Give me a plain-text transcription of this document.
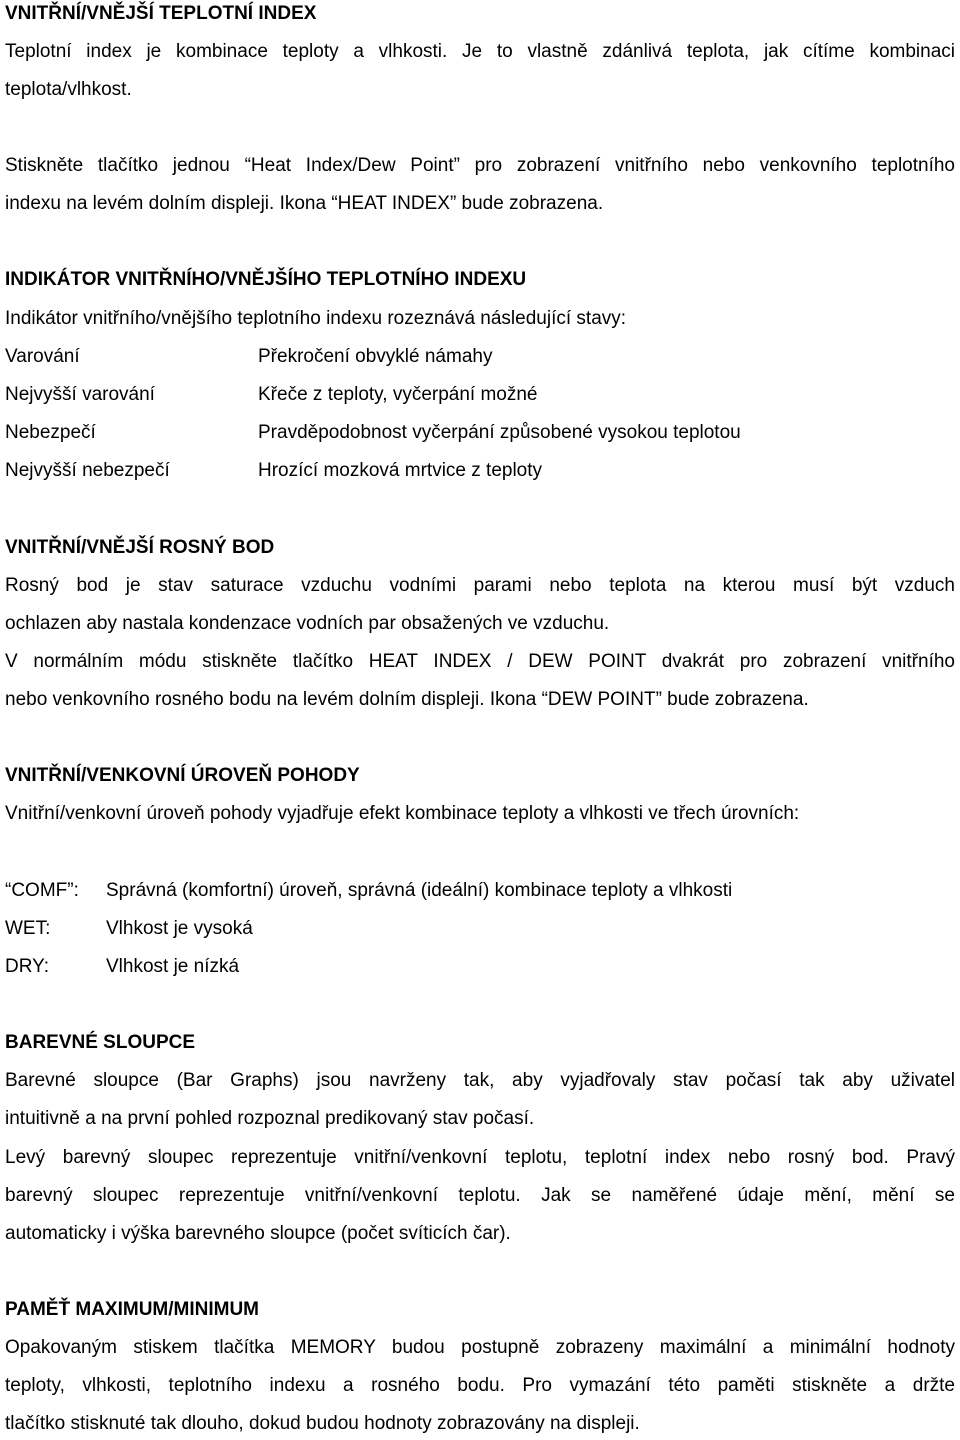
VNITŘNÍ/VNĚJŠÍ TEPLOTNÍ INDEX
Teplotní index je kombinace teploty a vlhkosti. Je to vlastně zdánlivá teplota, jak cítíme kombinaci
teplota/vlhkost.
Stiskněte tlačítko jednou “Heat Index/Dew Point” pro zobrazení vnitřního nebo venkovního teplotního
indexu na levém dolním displeji. Ikona “HEAT INDEX” bude zobrazena.
INDIKÁTOR VNITŘNÍHO/VNĚJŠÍHO TEPLOTNÍHO INDEXU
Indikátor vnitřního/vnějšího teplotního indexu rozeznává následující stavy:
Varování	Překročení obvyklé námahy
Nejvyšší varování	Křeče z teploty, vyčerpání možné
Nebezpečí	Pravděpodobnost vyčerpání způsobené vysokou teplotou
Nejvyšší nebezpečí	Hrozící mozková mrtvice z teploty
VNITŘNÍ/VNĚJŠÍ ROSNÝ BOD
Rosný bod je stav saturace vzduchu vodními parami nebo teplota na kterou musí být vzduch
ochlazen aby nastala kondenzace vodních par obsažených ve vzduchu.
V normálním módu stiskněte tlačítko HEAT INDEX / DEW POINT dvakrát pro zobrazení vnitřního
nebo venkovního rosného bodu na levém dolním displeji. Ikona “DEW POINT” bude zobrazena.
VNITŘNÍ/VENKOVNÍ ÚROVEŇ POHODY
Vnitřní/venkovní úroveň pohody vyjadřuje efekt kombinace teploty a vlhkosti ve třech úrovních:
“COMF”: Správná (komfortní) úroveň, správná (ideální) kombinace teploty a vlhkosti
WET:	Vlhkost je vysoká
DRY:	Vlhkost je nízká
BAREVNÉ SLOUPCE
Barevné sloupce (Bar Graphs) jsou navrženy tak, aby vyjadřovaly stav počasí tak aby uživatel
intuitivně a na první pohled rozpoznal predikovaný stav počasí.
Levý barevný sloupec reprezentuje vnitřní/venkovní teplotu, teplotní index nebo rosný bod. Pravý
barevný sloupec reprezentuje vnitřní/venkovní teplotu. Jak se naměřené údaje mění, mění se
automaticky i výška barevného sloupce (počet svíticích čar).
PAMĚŤ MAXIMUM/MINIMUM
Opakovaným stiskem tlačítka MEMORY budou postupně zobrazeny maximální a minimální hodnoty
teploty, vlhkosti, teplotního indexu a rosného bodu. Pro vymazání této paměti stiskněte a držte
tlačítko stisknuté tak dlouho, dokud budou hodnoty zobrazovány na displeji.
